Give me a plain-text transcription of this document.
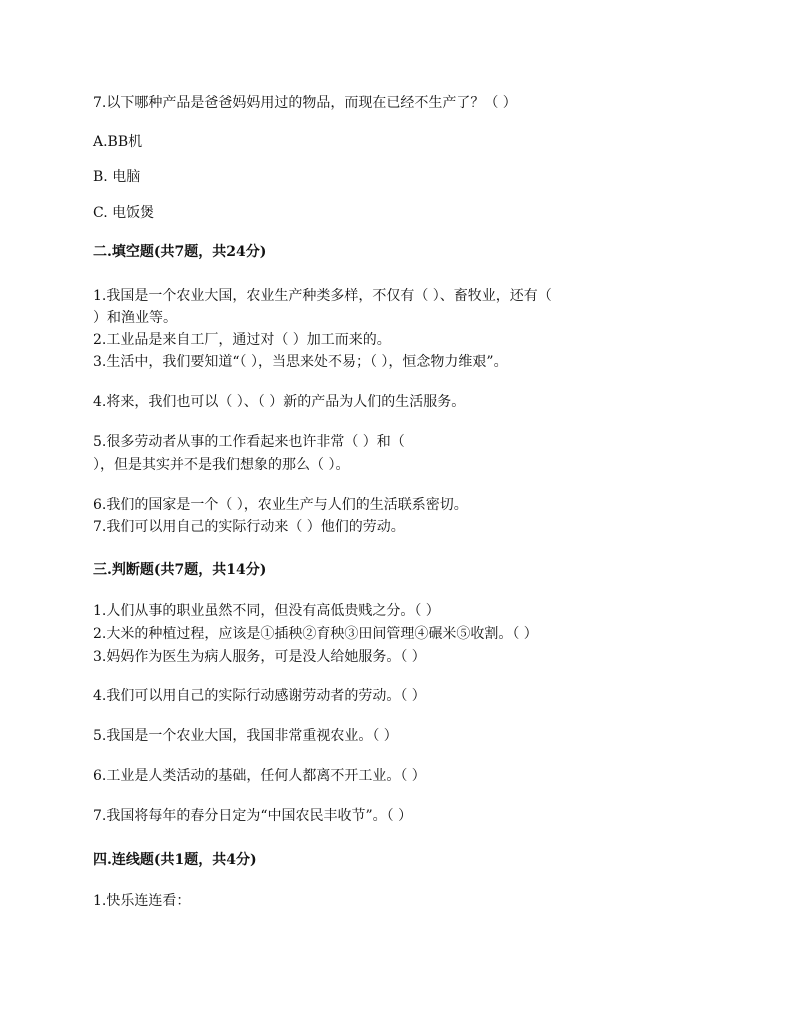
7.以下哪种产品是爸爸妈妈用过的物品，而现在已经不生产了？（ ）
A.BB机
B. 电脑
C. 电饭煲
二.填空题(共7题，共24分)
1.我国是一个农业大国，农业生产种类多样，不仅有（ ）、畜牧业，还有（
）和渔业等。
2.工业品是来自工厂，通过对（ ）加工而来的。
3.生活中，我们要知道“（ ），当思来处不易；（ ），恒念物力维艰”。
4.将来，我们也可以（ ）、（ ）新的产品为人们的生活服务。
5.很多劳动者从事的工作看起来也许非常（ ）和（
），但是其实并不是我们想象的那么（ ）。
6.我们的国家是一个（ ），农业生产与人们的生活联系密切。
7.我们可以用自己的实际行动来（ ）他们的劳动。
三.判断题(共7题，共14分)
1.人们从事的职业虽然不同，但没有高低贵贱之分。（ ）
2.大米的种植过程，应该是①插秧②育秧③田间管理④碾米⑤收割。（ ）
3.妈妈作为医生为病人服务，可是没人给她服务。（ ）
4.我们可以用自己的实际行动感谢劳动者的劳动。（ ）
5.我国是一个农业大国，我国非常重视农业。（ ）
6.工业是人类活动的基础，任何人都离不开工业。（ ）
7.我国将每年的春分日定为“中国农民丰收节”。（ ）
四.连线题(共1题，共4分)
1.快乐连连看：
